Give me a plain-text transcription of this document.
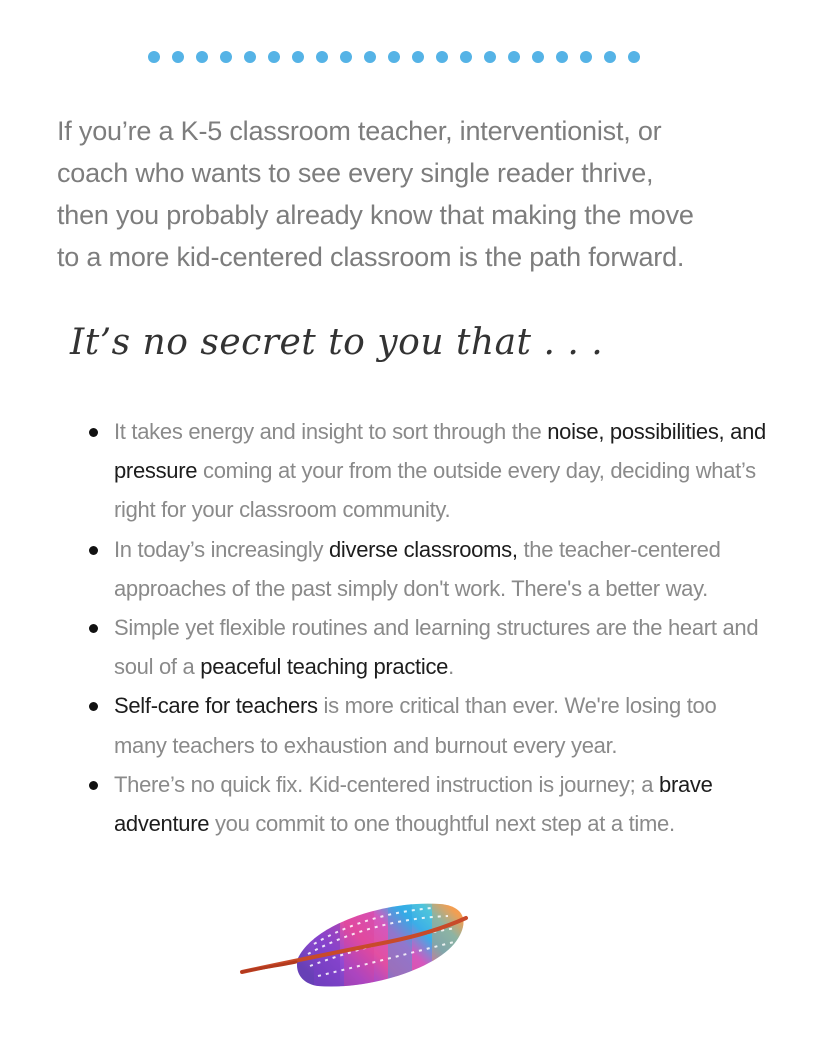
If you’re a K-5 classroom teacher, interventionist, or
coach who wants to see every single reader thrive,
then you probably already know that making the move
to a more kid-centered classroom is the path forward.

It’s no secret to you that . . .
It takes energy and insight to sort through the noise, possibilities, and pressure coming at your from the outside every day, deciding what’s right for your classroom community.
In today’s increasingly diverse classrooms, the teacher-centered approaches of the past simply don't work. There's a better way.
Simple yet flexible routines and learning structures are the heart and soul of a peaceful teaching practice.
Self-care for teachers is more critical than ever. We're losing too many teachers to exhaustion and burnout every year.
There’s no quick fix. Kid-centered instruction is journey; a brave adventure you commit to one thoughtful next step at a time.
